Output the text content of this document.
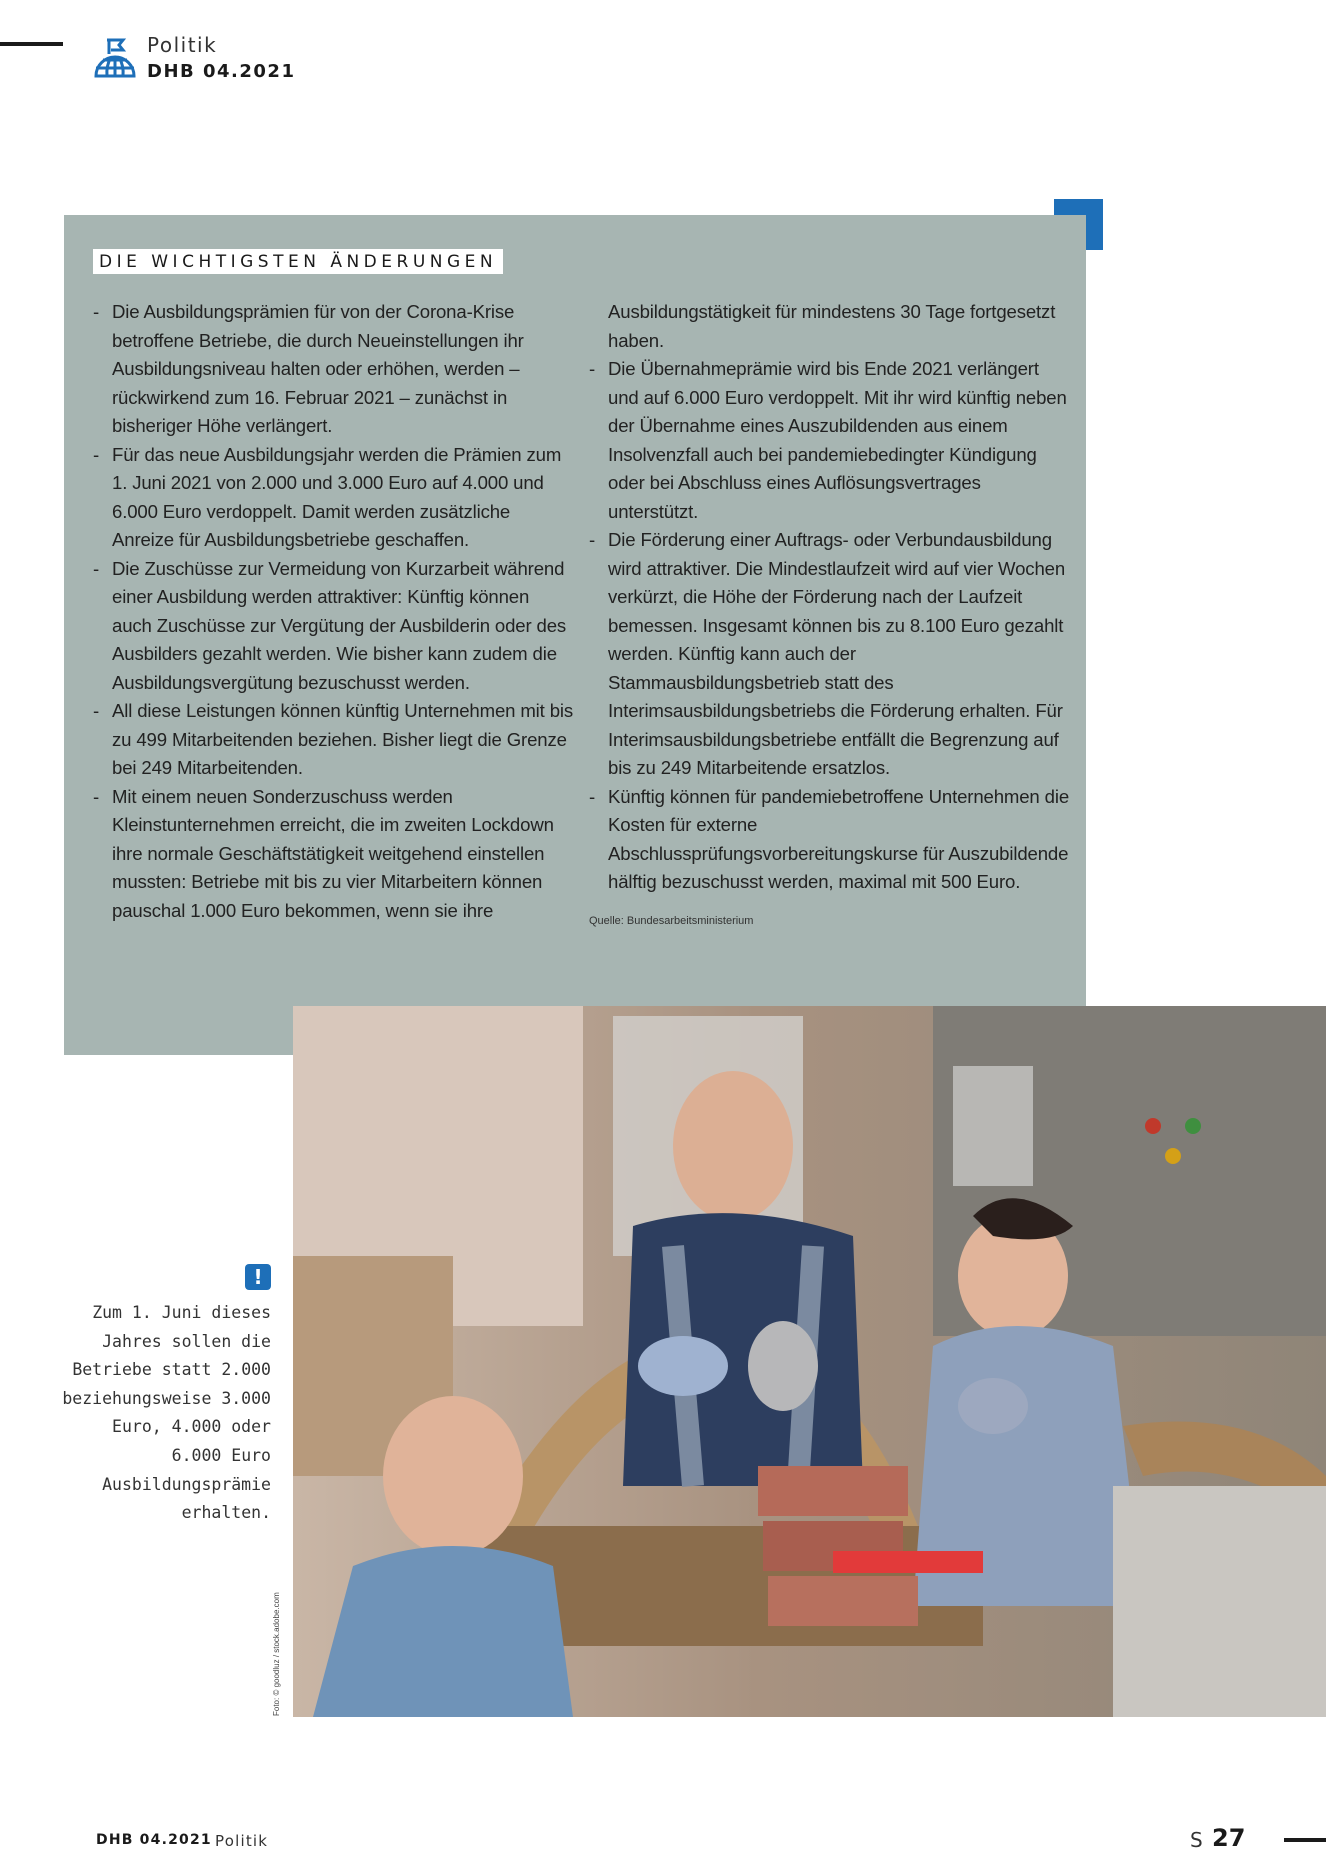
Politik
DHB 04.2021
DIE WICHTIGSTEN ÄNDERUNGEN
- Die Ausbildungsprämien für von der Corona-Krise betroffene Betriebe, die durch Neueinstellungen ihr Ausbildungsniveau halten oder erhöhen, werden – rückwirkend zum 16. Februar 2021 – zunächst in bisheriger Höhe verlängert.
- Für das neue Ausbildungsjahr werden die Prämien zum 1. Juni 2021 von 2.000 und 3.000 Euro auf 4.000 und 6.000 Euro verdoppelt. Damit werden zusätzliche Anreize für Ausbildungsbetriebe geschaffen.
- Die Zuschüsse zur Vermeidung von Kurzarbeit während einer Ausbildung werden attraktiver: Künftig können auch Zuschüsse zur Vergütung der Ausbilderin oder des Ausbilders gezahlt werden. Wie bisher kann zudem die Ausbildungsvergütung bezuschusst werden.
- All diese Leistungen können künftig Unternehmen mit bis zu 499 Mitarbeitenden beziehen. Bisher liegt die Grenze bei 249 Mitarbeitenden.
- Mit einem neuen Sonderzuschuss werden Kleinstunternehmen erreicht, die im zweiten Lockdown ihre normale Geschäftstätigkeit weitgehend einstellen mussten: Betriebe mit bis zu vier Mitarbeitern können pauschal 1.000 Euro bekommen, wenn sie ihre
Ausbildungstätigkeit für mindestens 30 Tage fortgesetzt haben.
- Die Übernahmeprämie wird bis Ende 2021 verlängert und auf 6.000 Euro verdoppelt. Mit ihr wird künftig neben der Übernahme eines Auszubildenden aus einem Insolvenzfall auch bei pandemiebedingter Kündigung oder bei Abschluss eines Auflösungsvertrages unterstützt.
- Die Förderung einer Auftrags- oder Verbundausbildung wird attraktiver. Die Mindestlaufzeit wird auf vier Wochen verkürzt, die Höhe der Förderung nach der Laufzeit bemessen. Insgesamt können bis zu 8.100 Euro gezahlt werden. Künftig kann auch der Stammausbildungsbetrieb statt des Interimsausbildungsbetriebs die Förderung erhalten. Für Interimsausbildungsbetriebe entfällt die Begrenzung auf bis zu 249 Mitarbeitende ersatzlos.
- Künftig können für pandemiebetroffene Unternehmen die Kosten für externe Abschlussprüfungsvorbereitungskurse für Auszubildende hälftig bezuschusst werden, maximal mit 500 Euro.
Quelle: Bundesarbeitsministerium
Foto: © goodluz / stock.adobe.com
!
Zum 1. Juni dieses Jahres sollen die Betriebe statt 2.000 beziehungsweise 3.000 Euro, 4.000 oder 6.000 Euro Ausbildungsprämie erhalten.
DHB 04.2021 Politik	S 27
